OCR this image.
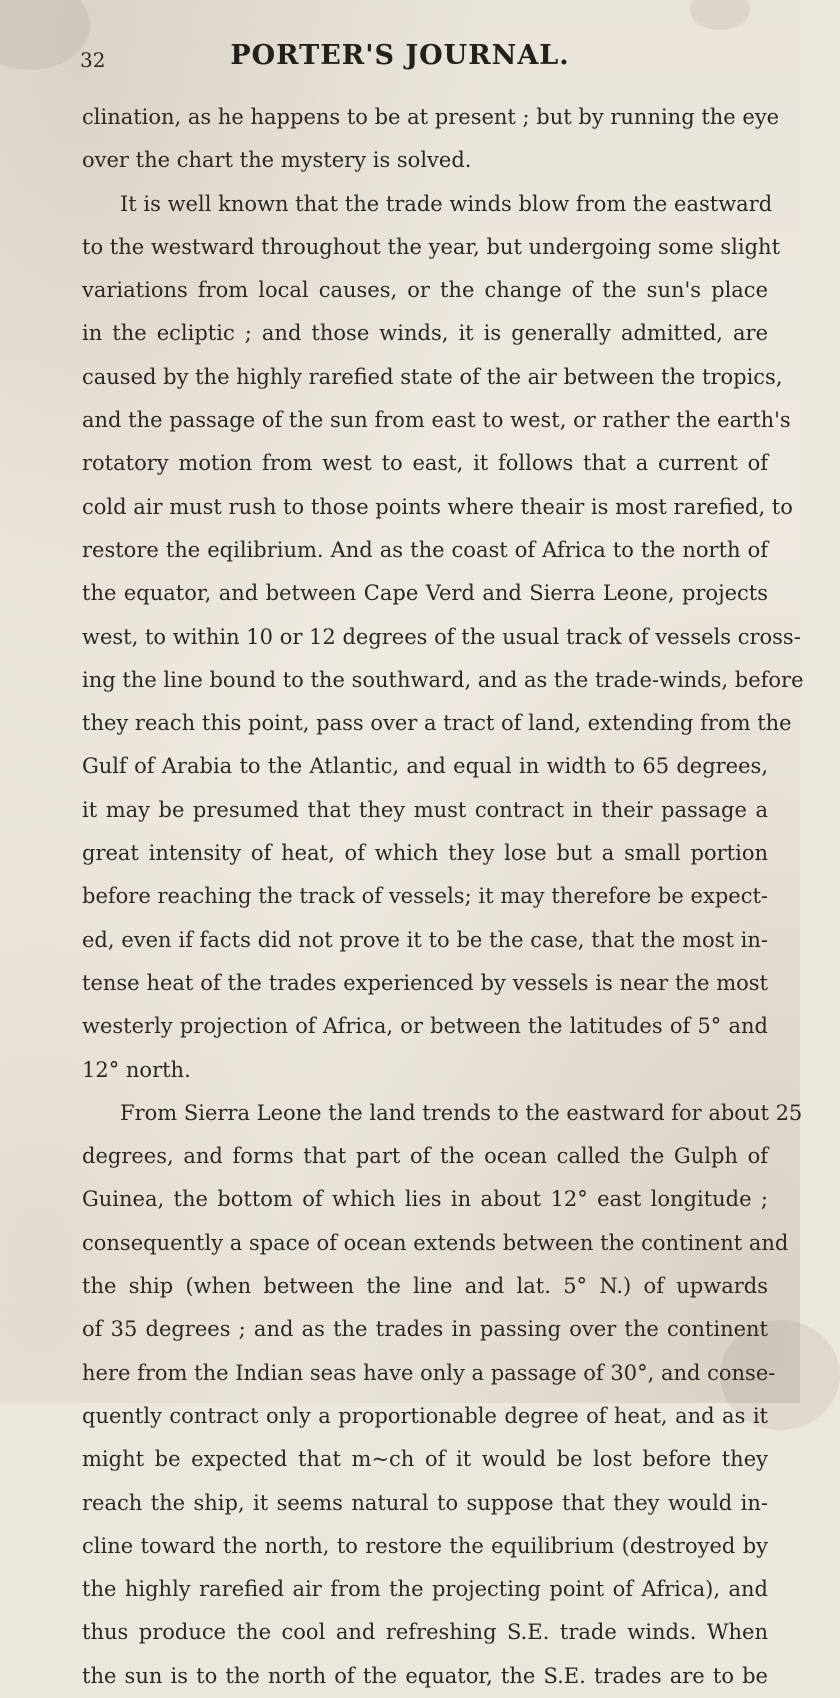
32	PORTER'S JOURNAL.
clination, as he happens to be at present ; but by running the eye
over the chart the mystery is solved.
It is well known that the trade winds blow from the eastward
to the westward throughout the year, but undergoing some slight
variations from local causes, or the change of the sun's place
in the ecliptic ; and those winds, it is generally admitted, are
caused by the highly rarefied state of the air between the tropics,
and the passage of the sun from east to west, or rather the earth's
rotatory motion from west to east, it follows that a current of
cold air must rush to those points where theair is most rarefied, to
restore the eqilibrium. And as the coast of Africa to the north of
the equator, and between Cape Verd and Sierra Leone, projects
west, to within 10 or 12 degrees of the usual track of vessels cross-
ing the line bound to the southward, and as the trade-winds, before
they reach this point, pass over a tract of land, extending from the
Gulf of Arabia to the Atlantic, and equal in width to 65 degrees,
it may be presumed that they must contract in their passage a
great intensity of heat, of which they lose but a small portion
before reaching the track of vessels; it may therefore be expect-
ed, even if facts did not prove it to be the case, that the most in-
tense heat of the trades experienced by vessels is near the most
westerly projection of Africa, or between the latitudes of 5° and
12° north.
From Sierra Leone the land trends to the eastward for about 25
degrees, and forms that part of the ocean called the Gulph of
Guinea, the bottom of which lies in about 12° east longitude ;
consequently a space of ocean extends between the continent and
the ship (when between the line and lat. 5° N.) of upwards
of 35 degrees ; and as the trades in passing over the continent
here from the Indian seas have only a passage of 30°, and conse-
quently contract only a proportionable degree of heat, and as it
might be expected that m~ch of it would be lost before they
reach the ship, it seems natural to suppose that they would in-
cline toward the north, to restore the equilibrium (destroyed by
the highly rarefied air from the projecting point of Africa), and
thus produce the cool and refreshing S.E. trade winds. When
the sun is to the north of the equator, the S.E. trades are to be
